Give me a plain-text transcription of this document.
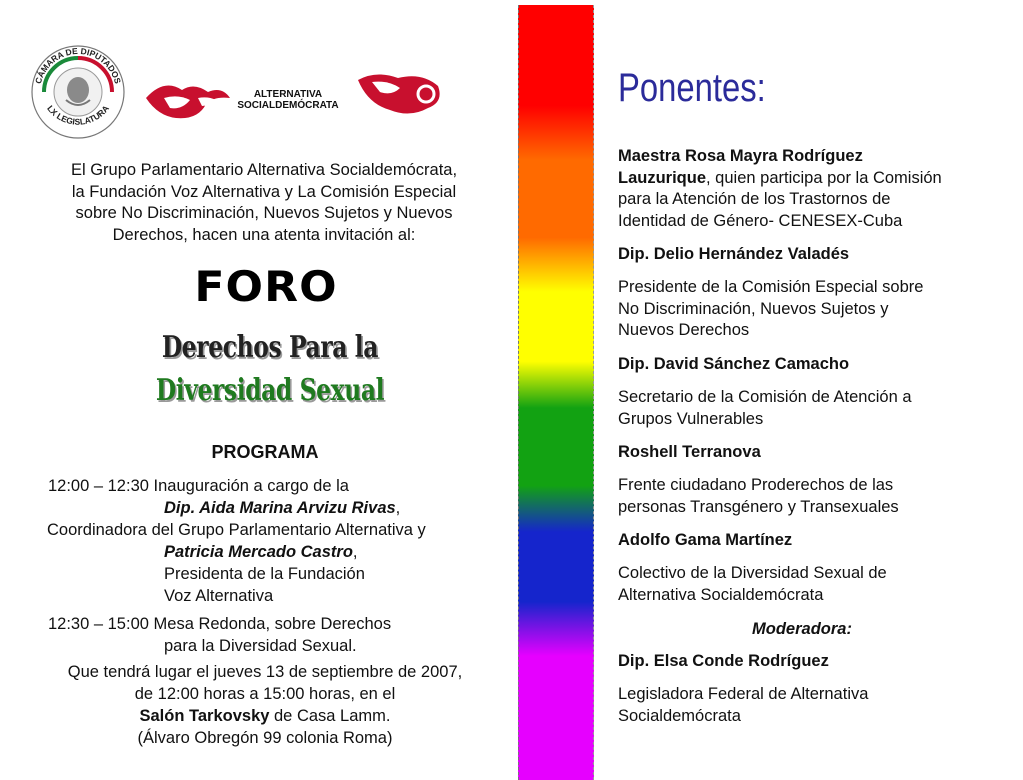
CÁMARA DE DIPUTADOS
LX LEGISLATURA
ALTERNATIVA
SOCIALDEMÓCRATA
El Grupo Parlamentario Alternativa Socialdemócrata,
la Fundación Voz Alternativa y La Comisión Especial
sobre No Discriminación, Nuevos Sujetos y Nuevos
Derechos, hacen una atenta invitación al:
FORO
Derechos Para la
Diversidad Sexual
PROGRAMA
12:00 – 12:30 Inauguración a cargo de la
Dip. Aida Marina Arvizu Rivas,
Coordinadora del Grupo Parlamentario Alternativa y
Patricia Mercado Castro,
Presidenta de la Fundación
Voz Alternativa
12:30 – 15:00 Mesa Redonda, sobre Derechos
para la Diversidad Sexual.
Que tendrá lugar el jueves 13 de septiembre de 2007,
de 12:00 horas a 15:00 horas, en el
Salón Tarkovsky de Casa Lamm.
(Álvaro Obregón 99 colonia Roma)
Ponentes:
Maestra Rosa Mayra Rodríguez
Lauzurique, quien participa por la Comisión
para la Atención de los Trastornos de
Identidad de Género- CENESEX-Cuba
Dip. Delio Hernández Valadés
Presidente de la Comisión Especial sobre
No Discriminación, Nuevos Sujetos y
Nuevos Derechos
Dip. David Sánchez Camacho
Secretario de la Comisión de Atención a
Grupos Vulnerables
Roshell Terranova
Frente ciudadano Proderechos de las
personas Transgénero y Transexuales
Adolfo Gama Martínez
Colectivo de la Diversidad Sexual de
Alternativa Socialdemócrata
Moderadora:
Dip. Elsa Conde Rodríguez
Legisladora Federal de Alternativa
Socialdemócrata
